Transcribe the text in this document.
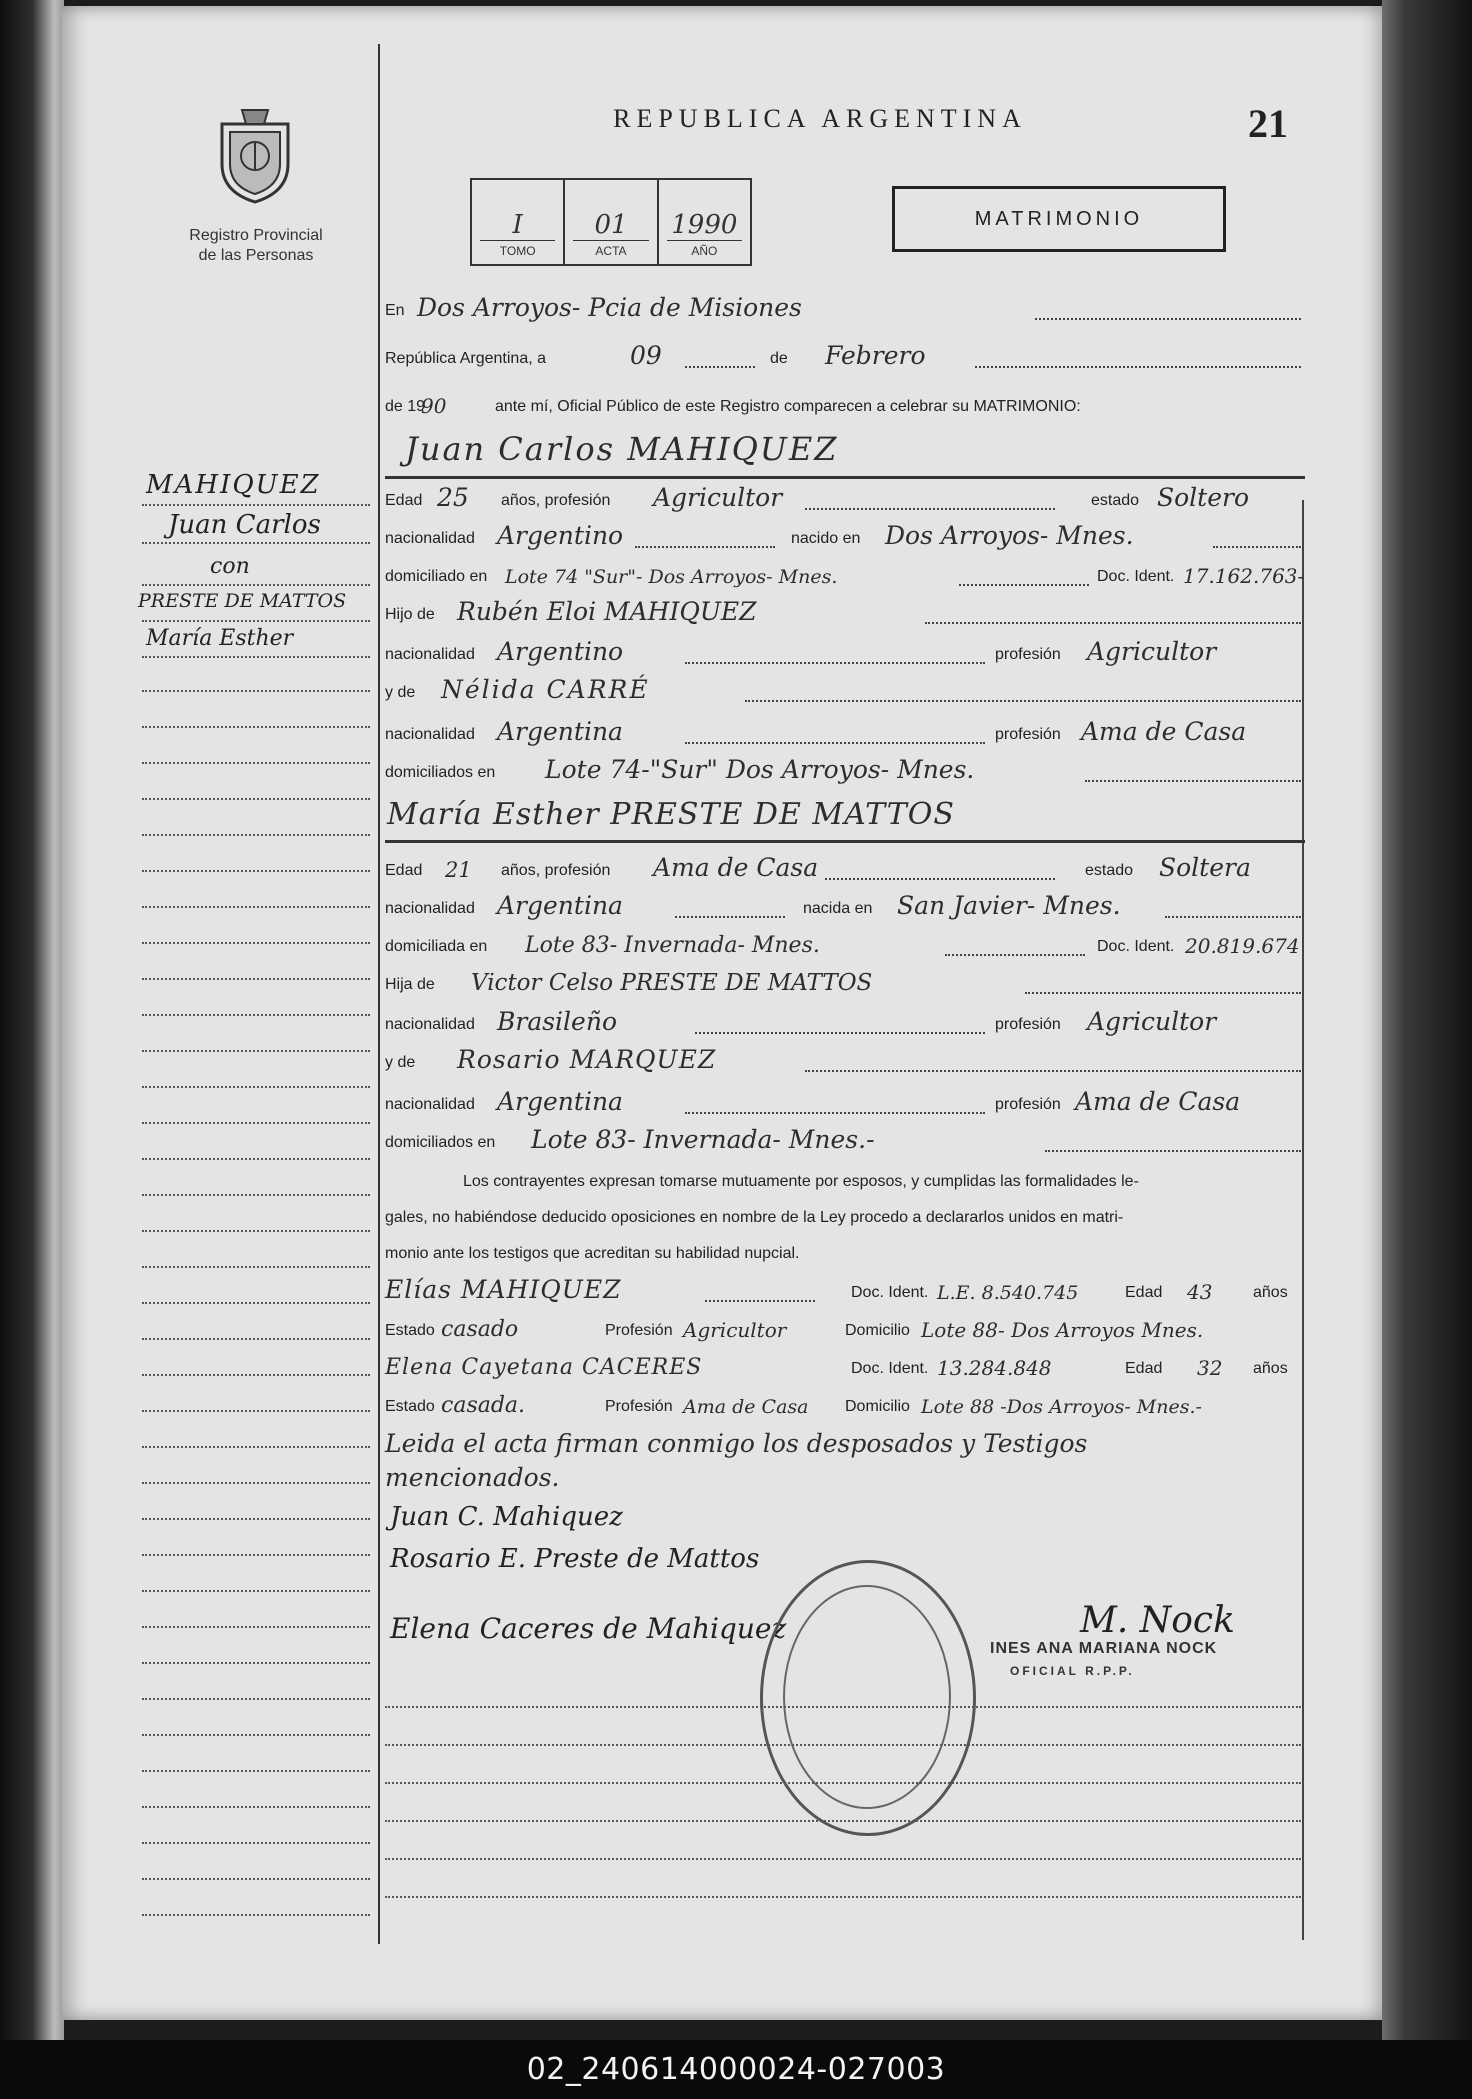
Registro Provincial
de las Personas
REPUBLICA ARGENTINA	21
I
TOMO
01
ACTA
1990
AÑO
MATRIMONIO
En Dos Arroyos- Pcia de Misiones
República Argentina, a	09	de Febrero
de 19
90	ante mí, Oficial Público de este Registro comparecen a celebrar su MATRIMONIO:
Juan Carlos MAHIQUEZ
Edad 25 años, profesión Agricultor	estado Soltero
nacionalidad Argentino	nacido en Dos Arroyos- Mnes.
domiciliado en Lote 74 "Sur"- Dos Arroyos- Mnes.	Doc. Ident. 17.162.763-
Hijo de Rubén Eloi MAHIQUEZ
nacionalidad Argentino	profesión Agricultor
y de Nélida CARRÉ
nacionalidad Argentina	profesión Ama de Casa
domiciliados en Lote 74-"Sur" Dos Arroyos- Mnes.
María Esther PRESTE DE MATTOS
Edad 21 años, profesión Ama de Casa	estado Soltera
nacionalidad Argentina	nacida en San Javier- Mnes.
domiciliada en Lote 83- Invernada- Mnes.	Doc. Ident. 20.819.674
Hija de Victor Celso PRESTE DE MATTOS
nacionalidad Brasileño	profesión Agricultor
y de Rosario MARQUEZ
nacionalidad Argentina	profesión Ama de Casa
domiciliados en Lote 83- Invernada- Mnes.-
Los contrayentes expresan tomarse mutuamente por esposos, y cumplidas las formalidades le-
gales, no habiéndose deducido oposiciones en nombre de la Ley procedo a declararlos unidos en matri-
monio ante los testigos que acreditan su habilidad nupcial.
Elías MAHIQUEZ	Doc. Ident. L.E. 8.540.745	Edad 43	años
Estado casado	Profesión Agricultor	Domicilio Lote 88- Dos Arroyos Mnes.
Elena Cayetana CACERES	Doc. Ident. 13.284.848	Edad 32 años
Estado casada.	Profesión Ama de Casa Domicilio Lote 88 -Dos Arroyos- Mnes.-
Leida el acta firman conmigo los desposados y Testigos
mencionados.
Juan C. Mahiquez
Rosario E. Preste de Mattos
Elena Caceres de Mahiquez	M. Nock
INES ANA MARIANA NOCK
OFICIAL R.P.P.
MAHIQUEZ
Juan Carlos
con
PRESTE DE MATTOS
María Esther
02_240614000024-027003
